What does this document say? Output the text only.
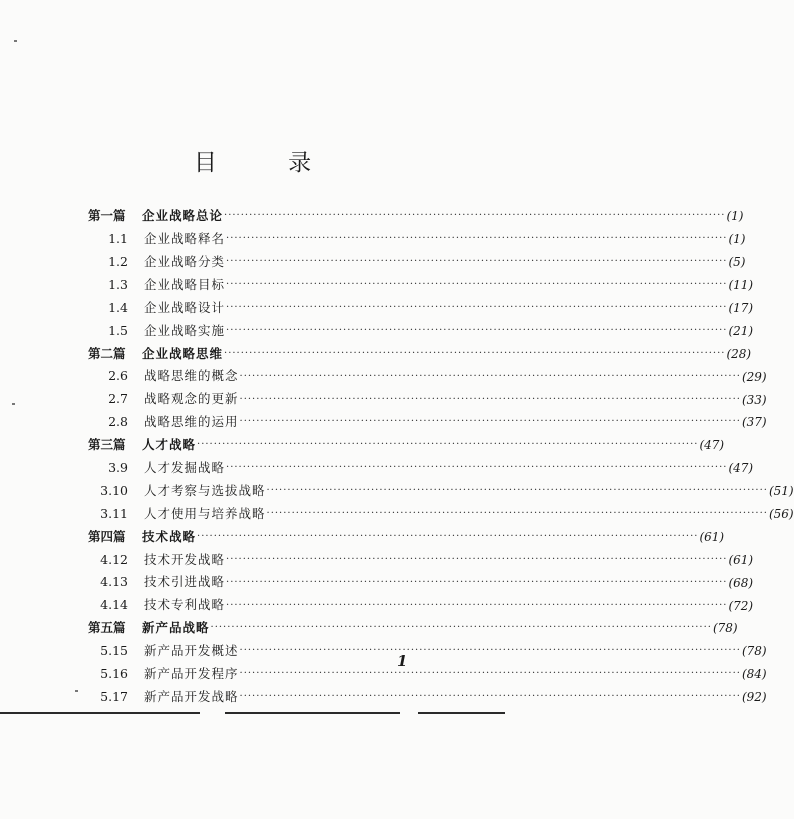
目 录
第一篇	企业战略总论 ························································································································ (1)
1.1	企业战略释名 ························································································································ (1)
1.2	企业战略分类 ························································································································ (5)
1.3	企业战略目标 ························································································································ (11)
1.4	企业战略设计 ························································································································ (17)
1.5	企业战略实施 ························································································································ (21)
第二篇	企业战略思维 ························································································································ (28)
2.6	战略思维的概念 ························································································································ (29)
2.7	战略观念的更新 ························································································································ (33)
2.8	战略思维的运用 ························································································································ (37)
第三篇	人才战略 ························································································································ (47)
3.9	人才发掘战略 ························································································································ (47)
3.10	人才考察与选拔战略 ························································································································ (51)
3.11	人才使用与培养战略 ························································································································ (56)
第四篇	技术战略 ························································································································ (61)
4.12	技术开发战略 ························································································································ (61)
4.13	技术引进战略 ························································································································ (68)
4.14	技术专利战略 ························································································································ (72)
第五篇	新产品战略 ························································································································ (78)
5.15	新产品开发概述 ························································································································ (78)
5.16	新产品开发程序 ························································································································ (84)
5.17	新产品开发战略 ························································································································ (92)
1
